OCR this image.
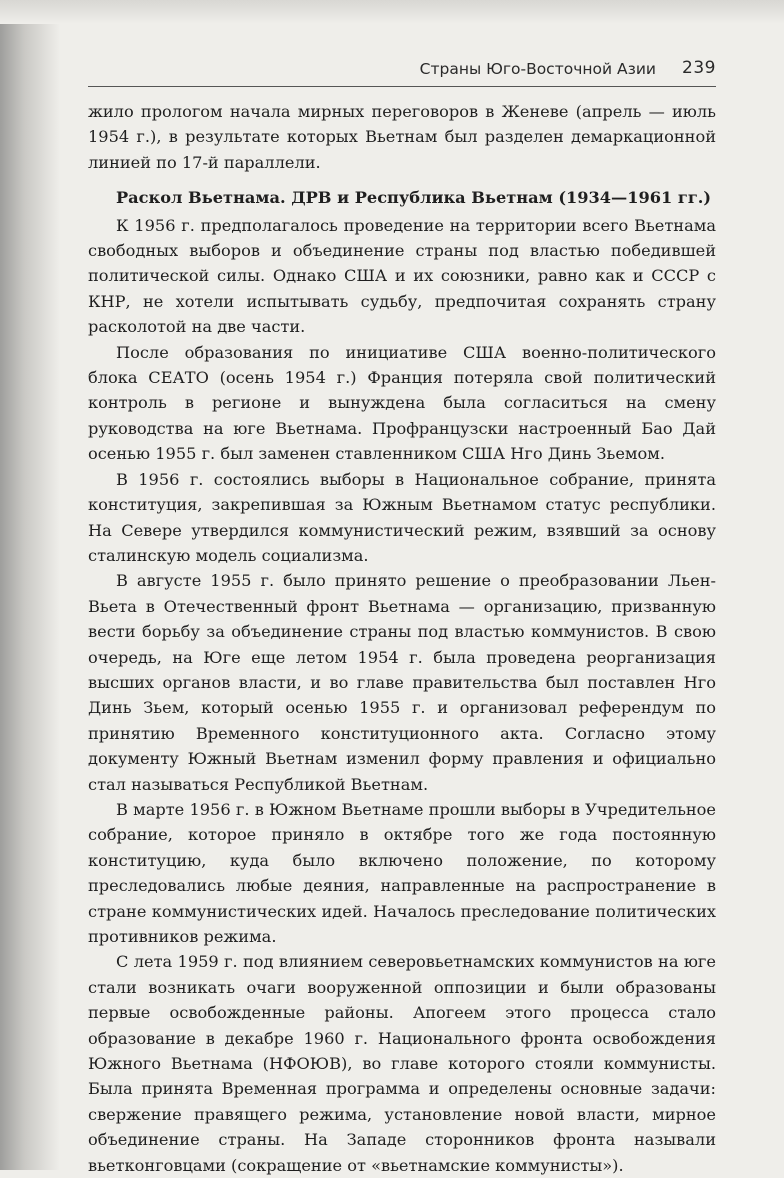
Страны Юго-Восточной Азии 239

жило прологом начала мирных переговоров в Женеве (апрель — июль 1954 г.), в результате которых Вьетнам был разделен демаркационной линией по 17-й параллели.

Раскол Вьетнама. ДРВ и Республика Вьетнам (1934—1961 гг.)

К 1956 г. предполагалось проведение на территории всего Вьетнама свободных выборов и объединение страны под властью победившей политической силы. Однако США и их союзники, равно как и СССР с КНР, не хотели испытывать судьбу, предпочитая сохранять страну расколотой на две части.

После образования по инициативе США военно-политического блока СЕАТО (осень 1954 г.) Франция потеряла свой политический контроль в регионе и вынуждена была согласиться на смену руководства на юге Вьетнама. Профранцузски настроенный Бао Дай осенью 1955 г. был заменен ставленником США Нго Динь Зьемом.

В 1956 г. состоялись выборы в Национальное собрание, принята конституция, закрепившая за Южным Вьетнамом статус республики. На Севере утвердился коммунистический режим, взявший за основу сталинскую модель социализма.

В августе 1955 г. было принято решение о преобразовании Льен-Вьета в Отечественный фронт Вьетнама — организацию, призванную вести борьбу за объединение страны под властью коммунистов. В свою очередь, на Юге еще летом 1954 г. была проведена реорганизация высших органов власти, и во главе правительства был поставлен Нго Динь Зьем, который осенью 1955 г. и организовал референдум по принятию Временного конституционного акта. Согласно этому документу Южный Вьетнам изменил форму правления и официально стал называться Республикой Вьетнам.

В марте 1956 г. в Южном Вьетнаме прошли выборы в Учредительное собрание, которое приняло в октябре того же года постоянную конституцию, куда было включено положение, по которому преследовались любые деяния, направленные на распространение в стране коммунистических идей. Началось преследование политических противников режима.

С лета 1959 г. под влиянием северовьетнамских коммунистов на юге стали возникать очаги вооруженной оппозиции и были образованы первые освобожденные районы. Апогеем этого процесса стало образование в декабре 1960 г. Национального фронта освобождения Южного Вьетнама (НФОЮВ), во главе которого стояли коммунисты. Была принята Временная программа и определены основные задачи: свержение правящего режима, установление новой власти, мирное объединение страны. На Западе сторонников фронта называли вьетконговцами (сокращение от «вьетнамские коммунисты»).
